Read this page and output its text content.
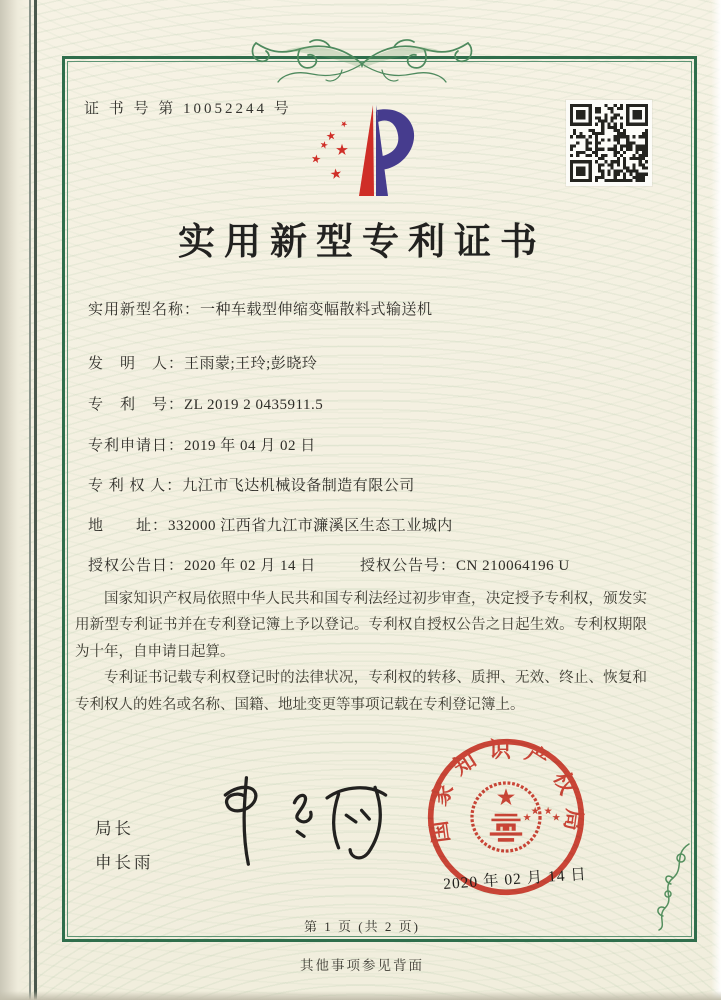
证 书 号 第 10052244 号
实用新型专利证书
实用新型名称：一种车载型伸缩变幅散料式输送机
发　明　人：王雨蒙;王玲;彭晓玲
专　利　号：ZL 2019 2 0435911.5
专利申请日：2019 年 04 月 02 日
专 利 权 人：九江市飞达机械设备制造有限公司
地　　址：332000 江西省九江市濂溪区生态工业城内
授权公告日：2020 年 02 月 14 日	授权公告号：CN 210064196 U

国家知识产权局依照中华人民共和国专利法经过初步审查，决定授予专利权，颁发实用新型专利证书并在专利登记簿上予以登记。专利权自授权公告之日起生效。专利权期限为十年，自申请日起算。

专利证书记载专利权登记时的法律状况，专利权的转移、质押、无效、终止、恢复和专利权人的姓名或名称、国籍、地址变更等事项记载在专利登记簿上。

局长
申长雨
国家知识产权局
2020 年 02 月 14 日
第 1 页 (共 2 页)
其他事项参见背面
